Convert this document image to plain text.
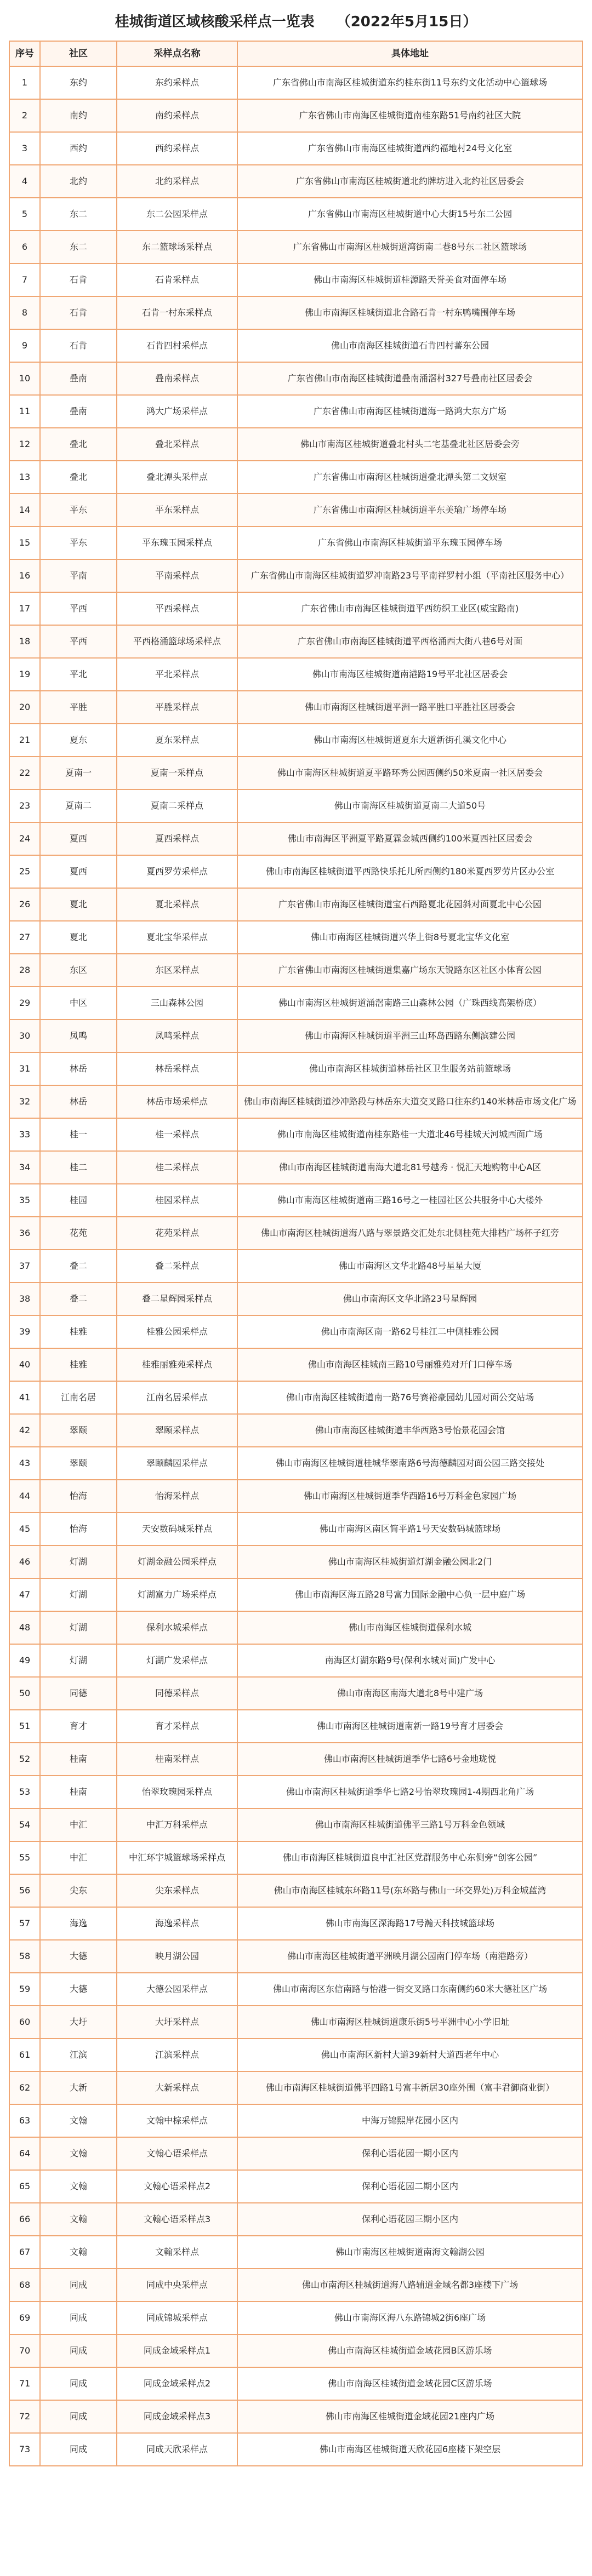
桂城街道区域核酸采样点一览表 （2022年5月15日）
序号	社区	采样点名称	具体地址
1	东约	东约采样点	广东省佛山市南海区桂城街道东约桂东街11号东约文化活动中心篮球场
2	南约	南约采样点	广东省佛山市南海区桂城街道南桂东路51号南约社区大院
3	西约	西约采样点	广东省佛山市南海区桂城街道西约福地村24号文化室
4	北约	北约采样点	广东省佛山市南海区桂城街道北约牌坊进入北约社区居委会
5	东二	东二公园采样点	广东省佛山市南海区桂城街道中心大街15号东二公园
6	东二	东二篮球场采样点	广东省佛山市南海区桂城街道湾街南二巷8号东二社区篮球场
7	石肯	石肯采样点	佛山市南海区桂城街道桂源路天誉美食对面停车场
8	石肯	石肯一村东采样点	佛山市南海区桂城街道北合路石肯一村东鸭嘴围停车场
9	石肯	石肯四村采样点	佛山市南海区桂城街道石肯四村蕃东公园
10	叠南	叠南采样点	广东省佛山市南海区桂城街道叠南涌滘村327号叠南社区居委会
11	叠南	鸿大广场采样点	广东省佛山市南海区桂城街道海一路鸿大东方广场
12	叠北	叠北采样点	佛山市南海区桂城街道叠北村头二宅基叠北社区居委会旁
13	叠北	叠北潭头采样点	广东省佛山市南海区桂城街道叠北潭头第二文娱室
14	平东	平东采样点	广东省佛山市南海区桂城街道平东美瑜广场停车场
15	平东	平东瑰玉园采样点	广东省佛山市南海区桂城街道平东瑰玉园停车场
16	平南	平南采样点	广东省佛山市南海区桂城街道罗冲南路23号平南祥罗村小组（平南社区服务中心）
17	平西	平西采样点	广东省佛山市南海区桂城街道平西纺织工业区(威宝路南)
18	平西	平西格涌篮球场采样点	广东省佛山市南海区桂城街道平西格涌西大街八巷6号对面
19	平北	平北采样点	佛山市南海区桂城街道南港路19号平北社区居委会
20	平胜	平胜采样点	佛山市南海区桂城街道平洲一路平胜口平胜社区居委会
21	夏东	夏东采样点	佛山市南海区桂城街道夏东大道新街孔溪文化中心
22	夏南一	夏南一采样点	佛山市南海区桂城街道夏平路环秀公园西侧约50米夏南一社区居委会
23	夏南二	夏南二采样点	佛山市南海区桂城街道夏南二大道50号
24	夏西	夏西采样点	佛山市南海区平洲夏平路夏霖金城西侧约100米夏西社区居委会
25	夏西	夏西罗劳采样点	佛山市南海区桂城街道平西路快乐托儿所西侧约180米夏西罗劳片区办公室
26	夏北	夏北采样点	广东省佛山市南海区桂城街道宝石西路夏北花园斜对面夏北中心公园
27	夏北	夏北宝华采样点	佛山市南海区桂城街道兴华上街8号夏北宝华文化室
28	东区	东区采样点	广东省佛山市南海区桂城街道集嘉广场东天锐路东区社区小体育公园
29	中区	三山森林公园	佛山市南海区桂城街道涌滘南路三山森林公园（广珠西线高架桥底）
30	凤鸣	凤鸣采样点	佛山市南海区桂城街道平洲三山环岛西路东侧滨建公园
31	林岳	林岳采样点	佛山市南海区桂城街道林岳社区卫生服务站前篮球场
32	林岳	林岳市场采样点	佛山市南海区桂城街道沙冲路段与林岳东大道交叉路口往东约140米林岳市场文化广场
33	桂一	桂一采样点	佛山市南海区桂城街道南桂东路桂一大道北46号桂城天河城西面广场
34	桂二	桂二采样点	佛山市南海区桂城街道南海大道北81号越秀 · 悦汇天地购物中心A区
35	桂园	桂园采样点	佛山市南海区桂城街道南三路16号之一桂园社区公共服务中心大楼外
36	花苑	花苑采样点	佛山市南海区桂城街道海八路与翠景路交汇处东北侧桂苑大排档广场杯子红旁
37	叠二	叠二采样点	佛山市南海区文华北路48号星星大厦
38	叠二	叠二星辉园采样点	佛山市南海区文华北路23号星辉园
39	桂雅	桂雅公园采样点	佛山市南海区南一路62号桂江二中侧桂雅公园
40	桂雅	桂雅丽雅苑采样点	佛山市南海区桂城南三路10号丽雅苑对开门口停车场
41	江南名居	江南名居采样点	佛山市南海区桂城街道南一路76号赛裕豪园幼儿园对面公交站场
42	翠颐	翠颐采样点	佛山市南海区桂城街道丰华西路3号怡景花园会馆
43	翠颐	翠颐麟园采样点	佛山市南海区桂城街道桂城华翠南路6号海德麟园对面公园三路交接处
44	怡海	怡海采样点	佛山市南海区桂城街道季华西路16号万科金色家园广场
45	怡海	天安数码城采样点	佛山市南海区南区简平路1号天安数码城篮球场
46	灯湖	灯湖金融公园采样点	佛山市南海区桂城街道灯湖金融公园北2门
47	灯湖	灯湖富力广场采样点	佛山市南海区海五路28号富力国际金融中心负一层中庭广场
48	灯湖	保利水城采样点	佛山市南海区桂城街道保利水城
49	灯湖	灯湖广发采样点	南海区灯湖东路9号(保利水城对面)广发中心
50	同德	同德采样点	佛山市南海区南海大道北8号中建广场
51	育才	育才采样点	佛山市南海区桂城街道南新一路19号育才居委会
52	桂南	桂南采样点	佛山市南海区桂城街道季华七路6号金地珑悦
53	桂南	怡翠玫瑰园采样点	佛山市南海区桂城街道季华七路2号怡翠玫瑰园1-4期西北角广场
54	中汇	中汇万科采样点	佛山市南海区桂城街道佛平三路1号万科金色领域
55	中汇	中汇环宇城篮球场采样点	佛山市南海区桂城街道良中汇社区党群服务中心东侧旁“创客公园”
56	尖东	尖东采样点	佛山市南海区桂城东环路11号(东环路与佛山一环交界处)万科金城蓝湾
57	海逸	海逸采样点	佛山市南海区深海路17号瀚天科技城篮球场
58	大德	映月湖公园	佛山市南海区桂城街道平洲映月湖公园南门停车场（南港路旁）
59	大德	大德公园采样点	佛山市南海区东信南路与怡港一街交叉路口东南侧约60米大德社区广场
60	大圩	大圩采样点	佛山市南海区桂城街道康乐街5号平洲中心小学旧址
61	江滨	江滨采样点	佛山市南海区新村大道39新村大道西老年中心
62	大新	大新采样点	佛山市南海区桂城街道佛平四路1号富丰新居30座外围（富丰君御商业街）
63	文翰	文翰中棕采样点	中海万锦熙岸花园小区内
64	文翰	文翰心语采样点	保利心语花园一期小区内
65	文翰	文翰心语采样点2	保利心语花园二期小区内
66	文翰	文翰心语采样点3	保利心语花园三期小区内
67	文翰	文翰采样点	佛山市南海区桂城街道南海文翰湖公园
68	同成	同成中央采样点	佛山市南海区桂城街道海八路辅道金域名都3座楼下广场
69	同成	同成锦城采样点	佛山市南海区海八东路锦城2街6座广场
70	同成	同成金域采样点1	佛山市南海区桂城街道金域花园B区游乐场
71	同成	同成金域采样点2	佛山市南海区桂城街道金域花园C区游乐场
72	同成	同成金域采样点3	佛山市南海区桂城街道金域花园21座内广场
73	同成	同成天欣采样点	佛山市南海区桂城街道天欣花园6座楼下架空层
